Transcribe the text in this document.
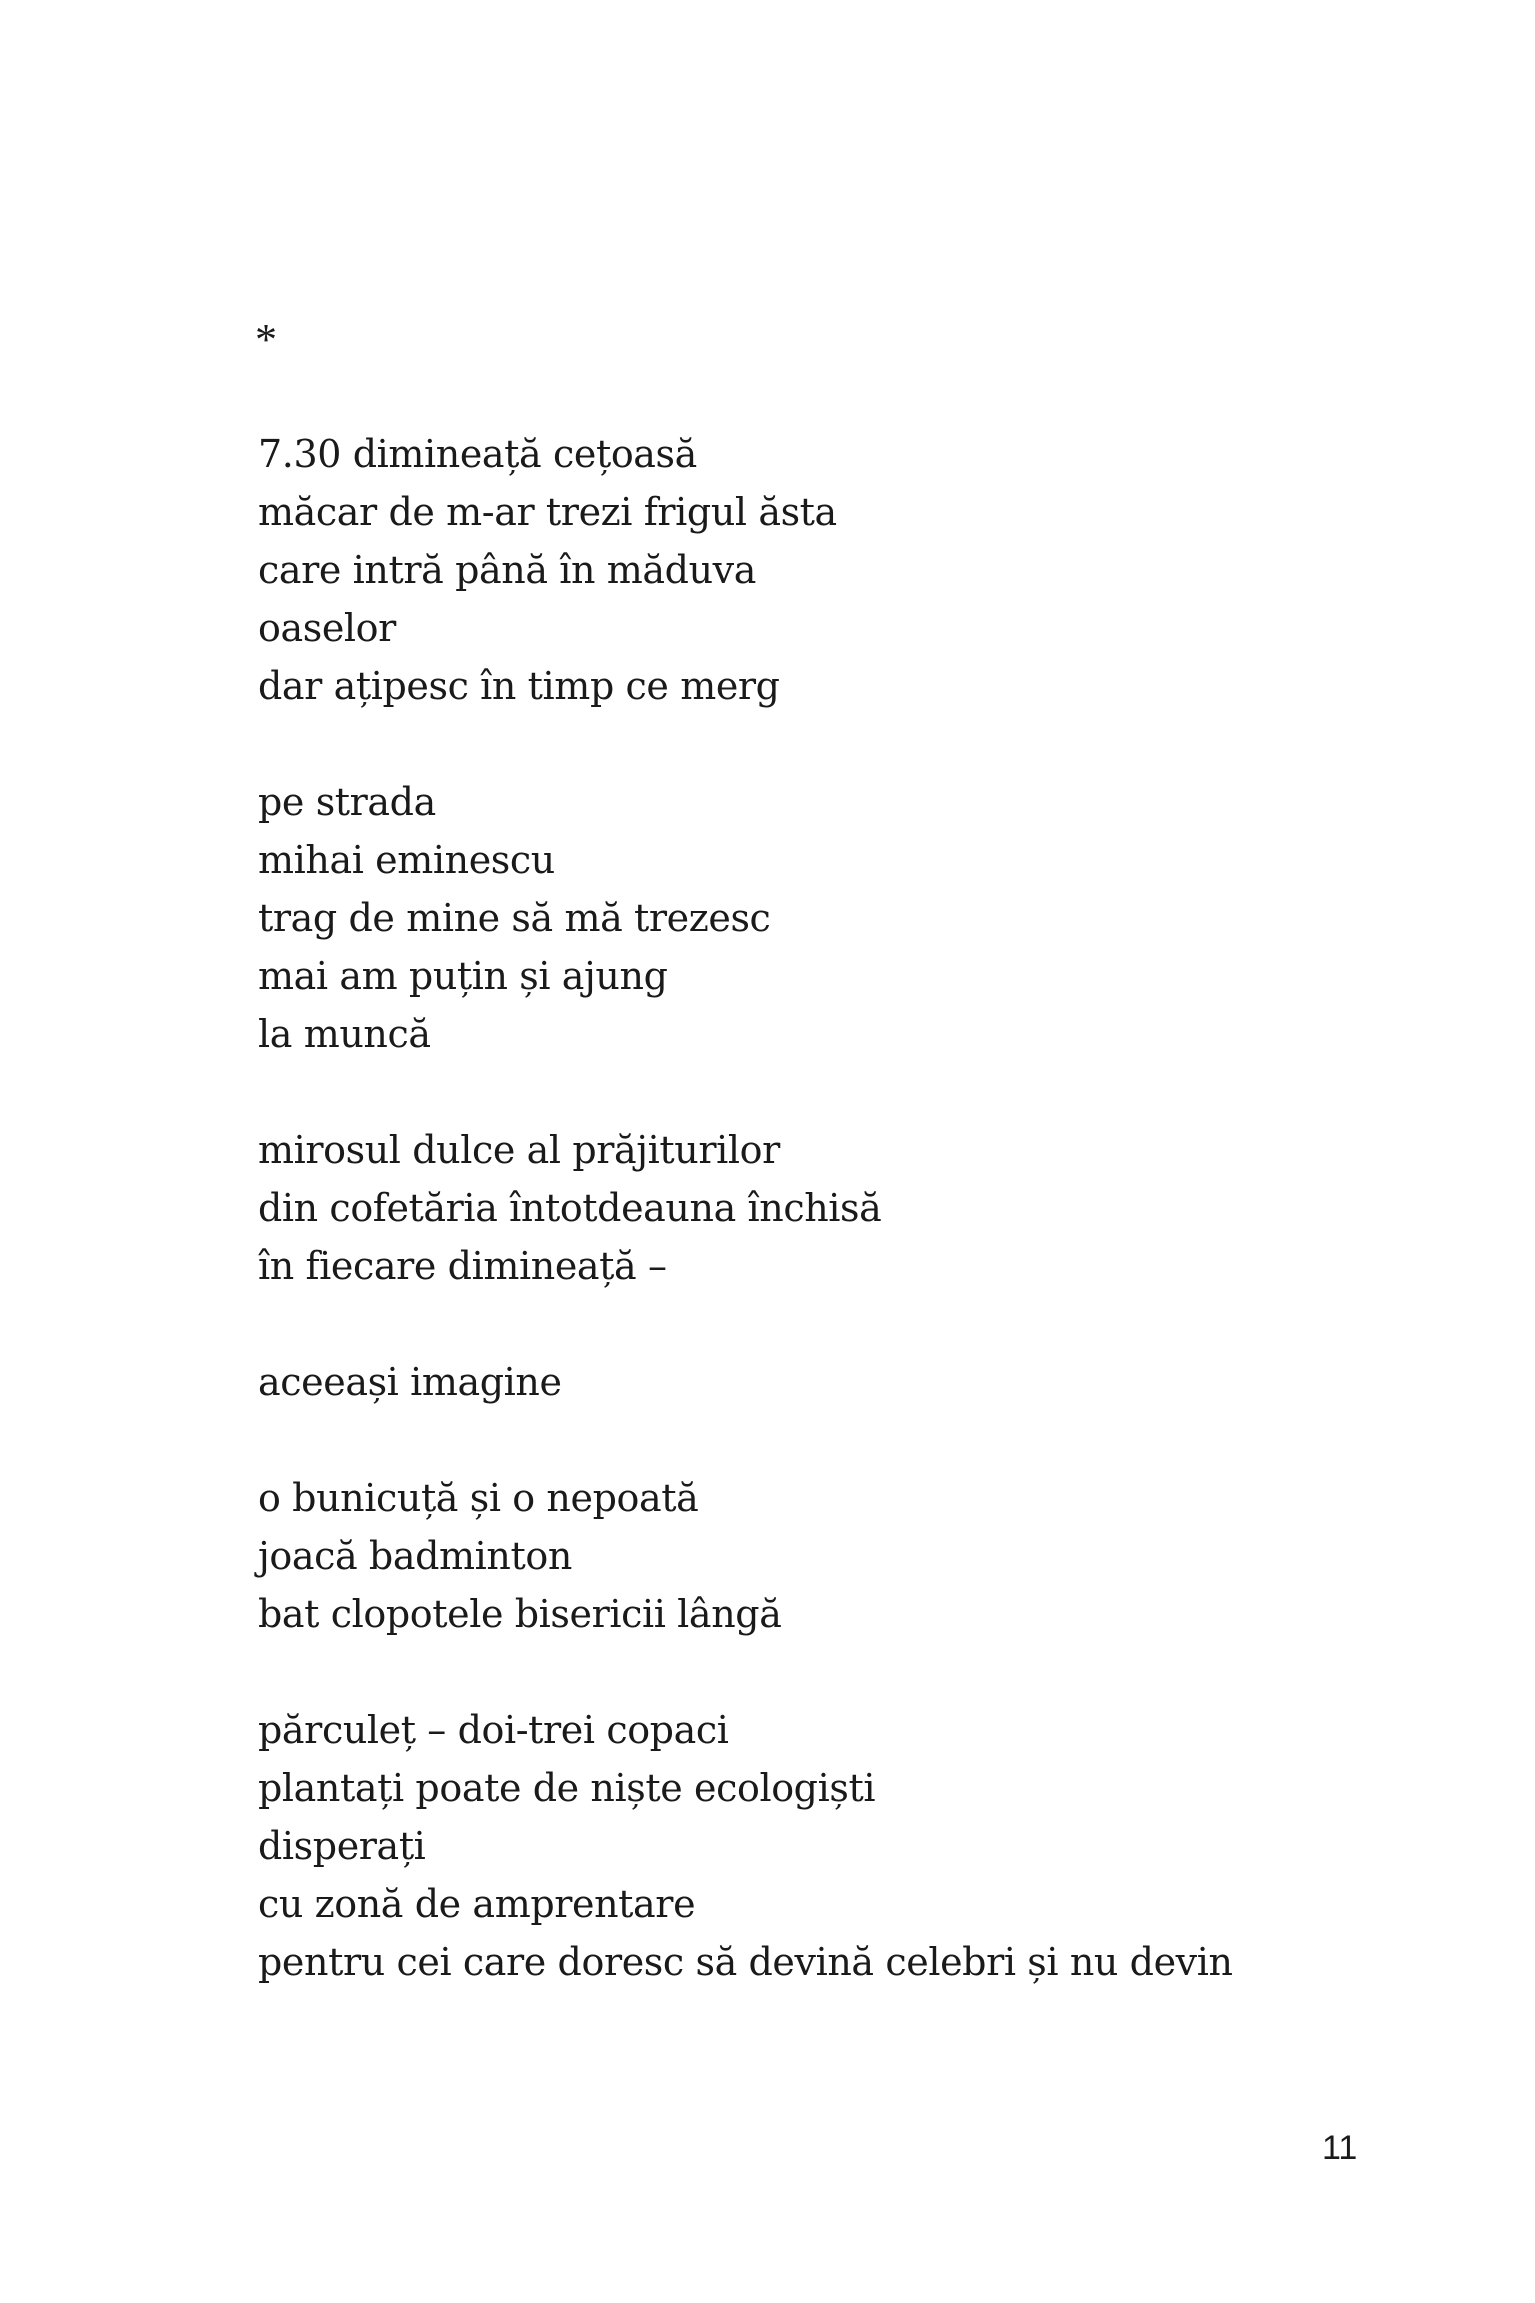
*
7.30 dimineață cețoasă
măcar de m-ar trezi frigul ăsta
care intră până în măduva
oaselor
dar ațipesc în timp ce merg
pe strada
mihai eminescu
trag de mine să mă trezesc
mai am puțin și ajung
la muncă
mirosul dulce al prăjiturilor
din cofetăria întotdeauna închisă
în fiecare dimineață –
aceeași imagine
o bunicuță și o nepoată
joacă badminton
bat clopotele bisericii lângă
părculeț – doi-trei copaci
plantați poate de niște ecologiști
disperați
cu zonă de amprentare
pentru cei care doresc să devină celebri și nu devin
11
